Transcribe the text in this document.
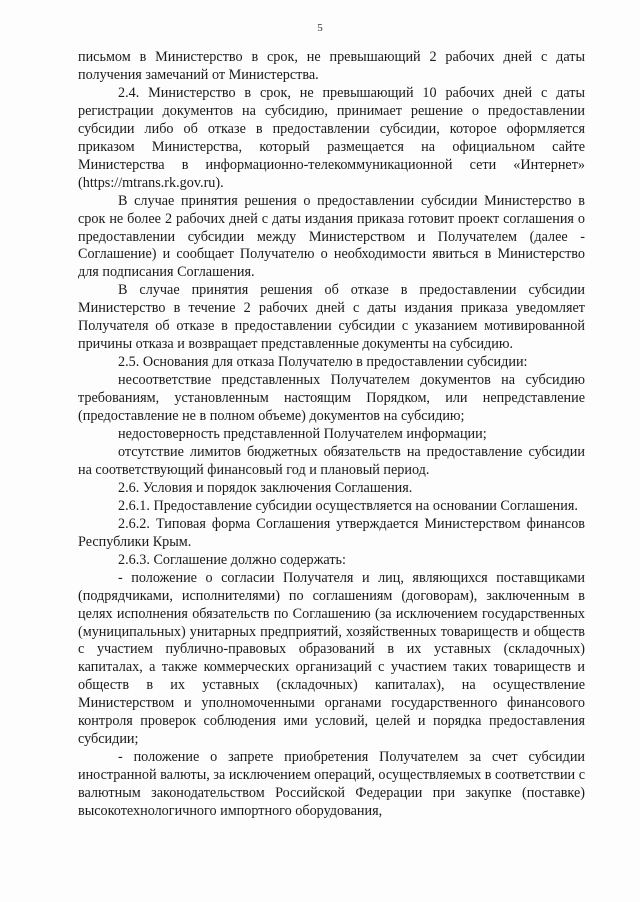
5

письмом в Министерство в срок, не превышающий 2 рабочих дней с даты получения замечаний от Министерства.

2.4. Министерство в срок, не превышающий 10 рабочих дней с даты регистрации документов на субсидию, принимает решение о предоставлении субсидии либо об отказе в предоставлении субсидии, которое оформляется приказом Министерства, который размещается на официальном сайте Министерства в информационно-телекоммуникационной сети «Интернет» (https://mtrans.rk.gov.ru).

В случае принятия решения о предоставлении субсидии Министерство в срок не более 2 рабочих дней с даты издания приказа готовит проект соглашения о предоставлении субсидии между Министерством и Получателем (далее - Соглашение) и сообщает Получателю о необходимости явиться в Министерство для подписания Соглашения.

В случае принятия решения об отказе в предоставлении субсидии Министерство в течение 2 рабочих дней с даты издания приказа уведомляет Получателя об отказе в предоставлении субсидии с указанием мотивированной причины отказа и возвращает представленные документы на субсидию.

2.5. Основания для отказа Получателю в предоставлении субсидии:

несоответствие представленных Получателем документов на субсидию требованиям, установленным настоящим Порядком, или непредставление (предоставление не в полном объеме) документов на субсидию;

недостоверность представленной Получателем информации;

отсутствие лимитов бюджетных обязательств на предоставление субсидии на соответствующий финансовый год и плановый период.

2.6. Условия и порядок заключения Соглашения.

2.6.1. Предоставление субсидии осуществляется на основании Соглашения.

2.6.2. Типовая форма Соглашения утверждается Министерством финансов Республики Крым.

2.6.3. Соглашение должно содержать:

- положение о согласии Получателя и лиц, являющихся поставщиками (подрядчиками, исполнителями) по соглашениям (договорам), заключенным в целях исполнения обязательств по Соглашению (за исключением государственных (муниципальных) унитарных предприятий, хозяйственных товариществ и обществ с участием публично-правовых образований в их уставных (складочных) капиталах, а также коммерческих организаций с участием таких товариществ и обществ в их уставных (складочных) капиталах), на осуществление Министерством и уполномоченными органами государственного финансового контроля проверок соблюдения ими условий, целей и порядка предоставления субсидии;

- положение о запрете приобретения Получателем за счет субсидии иностранной валюты, за исключением операций, осуществляемых в соответствии с валютным законодательством Российской Федерации при закупке (поставке) высокотехнологичного импортного оборудования,
